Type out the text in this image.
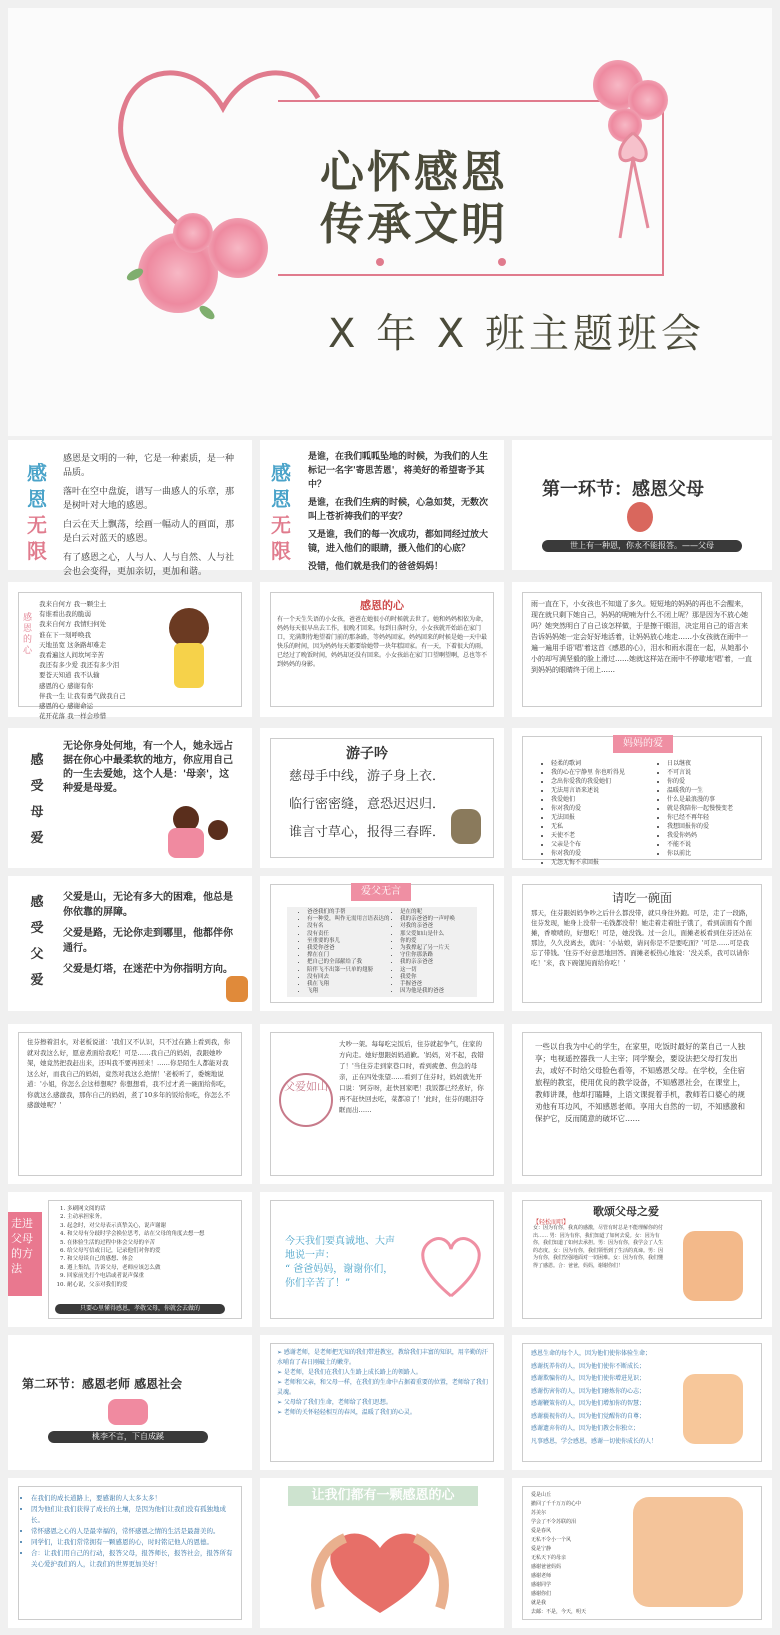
心怀感恩
传承文明
X 年 X 班主题班会
感
恩
无
限

感恩是文明的一种，它是一种素质，是一种品质。

落叶在空中盘旋，谱写一曲感人的乐章，那是树叶对大地的感恩。

白云在天上飘荡，绘画一幅动人的画面，那是白云对蓝天的感恩。

有了感恩之心，人与人、人与自然、人与社会也会变得，更加亲切，更加和谐。

感
恩
无
限

是谁，在我们呱呱坠地的时候，为我们的人生标记一名字'寄思苦恩'，将美好的希望寄予其中？

是谁，在我们生病的时候，心急如焚，无数次叫上苍祈祷我们的平安？

又是谁，我们的每一次成功，都如同经过放大镜，进入他们的眼睛，摄入他们的心底？

没错，他们就是我们的爸爸妈妈！

第一环节：感恩父母
世上有一种恩，你永不能报答。——父母
感恩的心
我来自何方 我一颗尘土
有谁看出我的脆弱
我来自何方 我情归何处
谁在下一刻呼唤我
天地虽宽 这条路却难走
我看遍这人间坎坷辛苦
我还有多少爱 我还有多少泪
要苍天知道 我不认输
感恩的心 感谢有你
伴我一生 让我有勇气做我自己
感恩的心 感谢命运
花开花落 我一样会珍惜
感恩的心
有一个天生失语的小女孩，爸爸在她很小的时候就去世了。她和妈妈相依为命，妈妈每天很早出去工作，很晚才回来。每到日落时分，小女孩就开始站在家门口，充满期待地望着门前的那条路，等妈妈回家。妈妈回来的时候是她一天中最快乐的时间，因为妈妈每天都要给她带一块年糕回家。有一天，下着很大的雨，已经过了晚饭时间，妈妈却还没有回来。小女孩站在家门口望啊望啊，总也等不到妈妈的身影。
雨一直在下，小女孩也不知道了多久。短短地的妈妈的再也不会醒来，现在就只剩下她自己，妈妈的呢喃为什么不闭上呢？那是因为不放心她吗？她突然明白了自己该怎样做，于是擦干眼泪，决定用自己的语言来告诉妈妈她一定会好好地活着，让妈妈放心地走……小女孩就在雨中一遍一遍用手语'唱'着这首《感恩的心》，泪水和雨水混在一起，从她那小小的却写满坚毅的脸上滑过……她就这样站在雨中不停歇地'唱'着，一直到妈妈的眼睛终于闭上……
感
受
母
爱
无论你身处何地，有一个人，她永远占据在你心中最柔软的地方，你应用自己的一生去爱她，这个人是：'母亲'，这种爱是母爱。
游子吟
慈母手中线，游子身上衣．
临行密密缝，意恐迟迟归．
谁言寸草心，报得三春晖．
妈妈的爱
• 轻柔的歌词
• 我的心在宁静里 你也听得见
• 念出你爱我的我爱她们
• 无法用言语来述说
• 我爱她们
• 你对我的爱
• 无法回报
• 无私
• 天使不老
• 父亲是个布
• 你对我的爱
• 无怨无悔不求回报
• 日以继夜
• 不可言说
• 你的爱
• 温暖我的一生
• 什么是最浪漫的事
• 就是我陪你一起慢慢变老
• 你已经不再年轻
• 我想回报你的爱
• 我爱你妈妈
• 不能不说
• 你以前比
感
受
父
爱

父爱是山，无论有多大的困难，他总是你依靠的屏障。

父爱是路，无论你走到哪里，他都伴你通行。

父爱是灯塔，在迷茫中为你指明方向。

爱父无言
• 爸爸我们的手帮
• 有一种爱，叫作无需用言语表达的
• 没有名
• 没有责任
• 至重要的事儿
• 我爱你爸爸
• 撑在在门
• 把自己的全部献给了我
• 陪伴飞不出第一只单的翅膀
• 没有回去
• 我在飞翔
• 飞翔
• 是在的呢
• 我的亲爸爸的一声呼唤
• 对我的亲爸爸
• 那父爱如山是什么
• 你的爱
• 为我撑起了另一片天
• 守住你那条路
• 我的亲亲爸爸
• 这一切
• 我爱你
• 手握爸爸
• 因为他是我的爸爸
请吃一碗面
那天，住芬跟妈妈争吵之后什么都没带，就只身往外跑。可是，走了一段路，住芬发现，她身上没带一毛钱都没带！她走着走着肚子饿了，看到前面有个面摊，香喷喷的，好想吃！可是，她没钱。过一会儿，面摊老板看到住芬还站在那边，久久没离去，就问：'小姑娘，请问你是不是要吃面？'可是……可是我忘了带钱。'住芬不好意思地回答。面摊老板热心地说：'没关系，我可以请你吃！'来，我下碗馄饨面给你吃！'
住芬擦着泪水，对老板说道：'我们又不认识，只不过在路上看到我，你就对我这么好，愿意煮面给我吃！可是……我自己的妈妈，我跟她吵架，她竟然把我赶出来，还叫我不要再回来！……你是陌生人都能对我这么好，而我自己的妈妈，竟然对我这么绝情！'老板听了，委婉地说道：'小姐，你怎么会这样想呢？你想想看，我不过才煮一碗面给你吃，你就这么感激我，那你自己的妈妈，煮了10多年的饭给你吃，你怎么不感激她呢？'
父爱如山
大吵一架。每每吃完饭后，住芬就起争气，住家的方向走。她好想跟妈妈道歉。'妈妈，对不起，我错了！'当住芬走到家巷口时，看到疲惫、焦急的母亲，正在四处张望……看到了住芬时，妈妈就先开口说：'阿芬呀，赶快回家吧！我饭都已经煮好，你再不赶快回去吃，菜都凉了！'此时，住芬的眼泪夺眶而出……
一些以自我为中心的学生，在家里，吃饭时最好的菜自己一人独享；电视遥控器我一人主宰；同学聚会，要设法把父母打发出去，或好不时给父母脸色看等，不知感恩父母。在学校，全住宿旅程的教室，使用优良的教学设备，不知感恩社会，在课堂上，教师讲课，他却打瞌睡，上语文课捉着手机，教师若口婆心的规劝他有耳边风，不知感恩老师。享用大自然的一切，不知感激和保护它，反而随意的破坏它……
走进父母的方法
1. 多刷网文阅的话
2. 主动承担家务。
3. 起念时，对父母表示真挚关心，说声谢谢
4. 和父母有分歧时学会换位思考，站在父母的角度去想一想
5. 在体验生活的过程中体会父母的辛苦
6. 给父母写信或日记，记录他们对你的爱
7. 和父母谈自己的感想、体会
8. 遵上集结，告诉父母，老师应该怎么做
9. 回家前先打个电话或者说声保重
10. 耐心说，父亲对我们的爱
只要心里懂得感恩，孝敬父母，你就会去做的
今天我们要真诚地、大声
地说一声：
“ 爸爸妈妈，谢谢你们，
你们辛苦了！”
歌颂父母之爱
【轻松而唱】
女：因为有你，我真的感激，尽管有时总是不能理解你的付出…… 男：因为有你，我们知道了如何去爱。女：因为有你，我们知道了如何去承担。男：因为有你，我学会了人生的态度。女：因为有你，我们领悟到了生活的真谛。男：因为有你，我们坚强地面对一切困难。女：因为有你，我们懂得了感恩。合：爸爸，妈妈，谢谢你们！
第二环节：感恩老师 感恩社会
桃李不言，下自成蹊
➢ 感谢老师，是老师把无知的我们带进教室，教给我们丰富的知识，用辛勤的汗水哺育了春日刚破土的嫩芽。
➢ 是老师，是我们在我们人生路上成长路上的领路人。
➢ 老师和父亲，和父母一样，在我们的生命中占据着重要的位置，老师给了我们灵魂。
➢ 父母给了我们生命，老师给了我们思想。
➢ 老师的关怀轻轻相互的春风，温暖了我们的心灵。
感恩生命的每个人，因为他们使你体验生命；
感谢抚养你的人，因为他们使你不断成长；
感谢欺骗你的人，因为他们使你增进见识；
感谢伤害你的人，因为他们磨炼你的心志；
感谢鞭策你的人，因为他们增加你的智慧；
感谢藐视你的人，因为他们觉醒你的自尊；
感谢遗弃你的人，因为他们教会你独立；
凡事感恩，学会感恩，感谢一切使你成长的人！
• 在我们的成长道路上，要感谢的人太多太多！
• 因为他们让我们获得了成长的土壤，是因为他们让我们没有孤独地成长。
• 常怀感恩之心的人是最幸福的，常怀感恩之情的生活是最甜美的。
• 同学们，让我们常常拥有一颗感恩的心，时时铭记他人的恩德。
• 合：让我们用自己的行动，报答父母，报答师长，报答社会，报答所有关心爱护我们的人，让我们的世界更加美好！
让我们都有一颗感恩的心	爱是山丘
撤回了千千万万的心中
苏美尔
学会了不令苏联的泪
爱是春风
无私不令小一个风
爱是宁静
无私天下的母亲
感谢爸爸妈妈
感谢老师
感谢同学
感谢你们
就是我
去邮：不是，今天，明天
